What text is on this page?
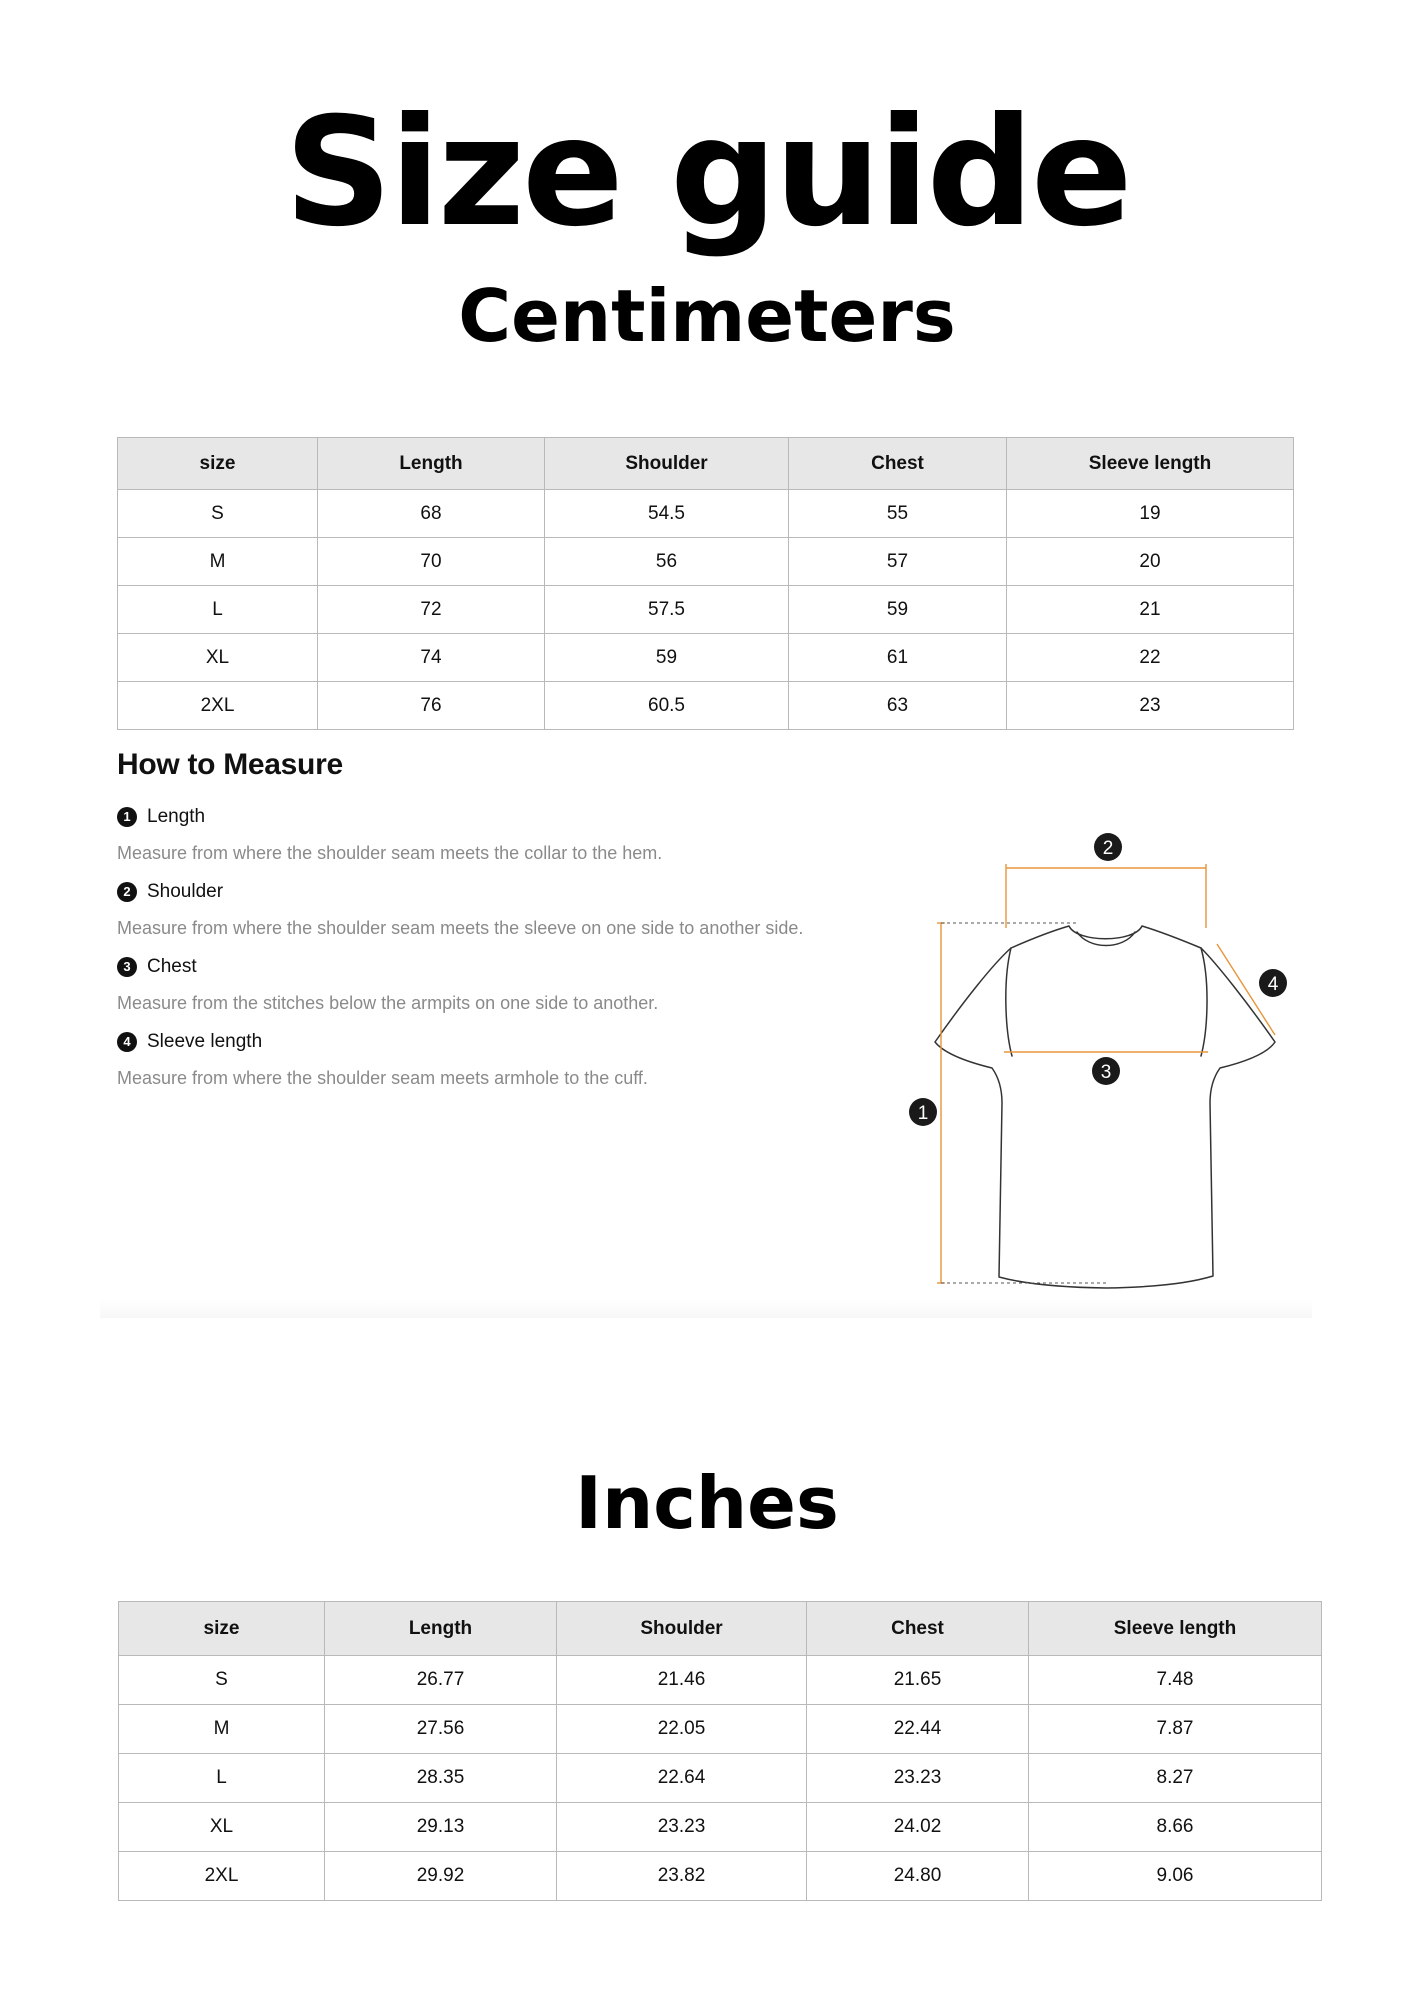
Size guide
Centimeters
size	Length	Shoulder	Chest	Sleeve length
S	68	54.5	55	19
M	70	56	57	20
L	72	57.5	59	21
XL	74	59	61	22
2XL	76	60.5	63	23
How to Measure
1 Length
Measure from where the shoulder seam meets the collar to the hem.
2 Shoulder
Measure from where the shoulder seam meets the sleeve on one side to another side.
3 Chest
Measure from the stitches below the armpits on one side to another.
4 Sleeve length
Measure from where the shoulder seam meets armhole to the cuff.
2
4
3
1
Inches
size	Length	Shoulder	Chest	Sleeve length
S	26.77	21.46	21.65	7.48
M	27.56	22.05	22.44	7.87
L	28.35	22.64	23.23	8.27
XL	29.13	23.23	24.02	8.66
2XL	29.92	23.82	24.80	9.06
